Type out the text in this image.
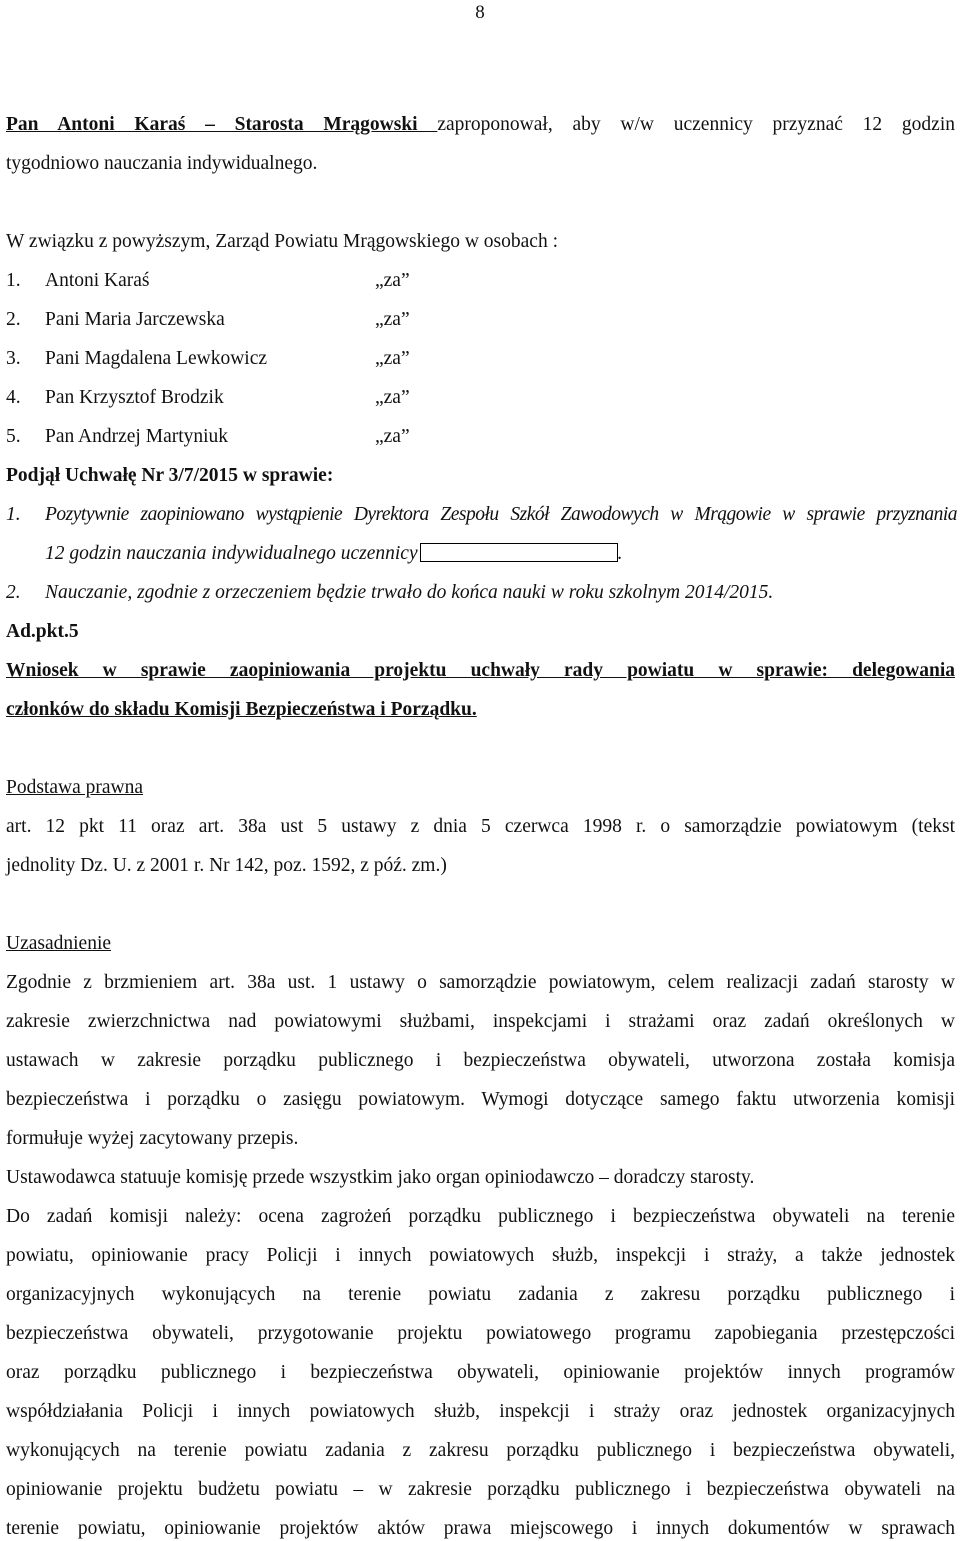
8
Pan Antoni Karaś – Starosta Mrągowski zaproponował, aby w/w uczennicy przyznać 12 godzin
tygodniowo nauczania indywidualnego.
W związku z powyższym, Zarząd Powiatu Mrągowskiego w osobach :
1. Antoni Karaś	„za”
2. Pani Maria Jarczewska	„za”
3. Pani Magdalena Lewkowicz	„za”
4. Pan Krzysztof Brodzik	„za”
5. Pan Andrzej Martyniuk	„za”
Podjął Uchwałę Nr 3/7/2015 w sprawie:
1. Pozytywnie zaopiniowano wystąpienie Dyrektora Zespołu Szkół Zawodowych w Mrągowie w sprawie przyznania
12 godzin nauczania indywidualnego uczennicy	.
2. Nauczanie, zgodnie z orzeczeniem będzie trwało do końca nauki w roku szkolnym 2014/2015.
Ad.pkt.5
Wniosek w sprawie zaopiniowania projektu uchwały rady powiatu w sprawie: delegowania
członków do składu Komisji Bezpieczeństwa i Porządku.
Podstawa prawna
art. 12 pkt 11 oraz art. 38a ust 5 ustawy z dnia 5 czerwca 1998 r. o samorządzie powiatowym (tekst
jednolity Dz. U. z 2001 r. Nr 142, poz. 1592, z póź. zm.)
Uzasadnienie
Zgodnie z brzmieniem art. 38a ust. 1 ustawy o samorządzie powiatowym, celem realizacji zadań starosty w
zakresie zwierzchnictwa nad powiatowymi służbami, inspekcjami i strażami oraz zadań określonych w
ustawach w zakresie porządku publicznego i bezpieczeństwa obywateli, utworzona została komisja
bezpieczeństwa i porządku o zasięgu powiatowym. Wymogi dotyczące samego faktu utworzenia komisji
formułuje wyżej zacytowany przepis.
Ustawodawca statuuje komisję przede wszystkim jako organ opiniodawczo – doradczy starosty.
Do zadań komisji należy: ocena zagrożeń porządku publicznego i bezpieczeństwa obywateli na terenie
powiatu, opiniowanie pracy Policji i innych powiatowych służb, inspekcji i straży, a także jednostek
organizacyjnych wykonujących na terenie powiatu zadania z zakresu porządku publicznego i
bezpieczeństwa obywateli, przygotowanie projektu powiatowego programu zapobiegania przestępczości
oraz porządku publicznego i bezpieczeństwa obywateli, opiniowanie projektów innych programów
współdziałania Policji i innych powiatowych służb, inspekcji i straży oraz jednostek organizacyjnych
wykonujących na terenie powiatu zadania z zakresu porządku publicznego i bezpieczeństwa obywateli,
opiniowanie projektu budżetu powiatu – w zakresie porządku publicznego i bezpieczeństwa obywateli na
terenie powiatu, opiniowanie projektów aktów prawa miejscowego i innych dokumentów w sprawach
